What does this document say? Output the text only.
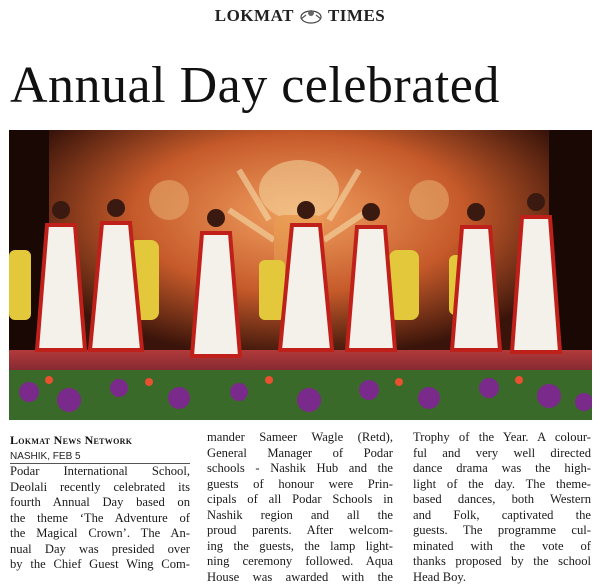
LOKMAT TIMES
Annual Day celebrated
Lokmat News Network
NASHIK, FEB 5
Podar International School,
Deolali recently celebrated its
fourth Annual Day based on
the theme ‘The Adventure of
the Magical Crown’. The An-
nual Day was presided over
by the Chief Guest Wing Com-
mander Sameer Wagle (Retd),
General Manager of Podar
schools - Nashik Hub and the
guests of honour were Prin-
cipals of all Podar Schools in
Nashik region and all the
proud parents. After welcom-
ing the guests, the lamp light-
ning ceremony followed. Aqua
House was awarded with the
Trophy of the Year. A colour-
ful and very well directed
dance drama was the high-
light of the day. The theme-
based dances, both Western
and Folk, captivated the
guests. The programme cul-
minated with the vote of
thanks proposed by the school
Head Boy.
